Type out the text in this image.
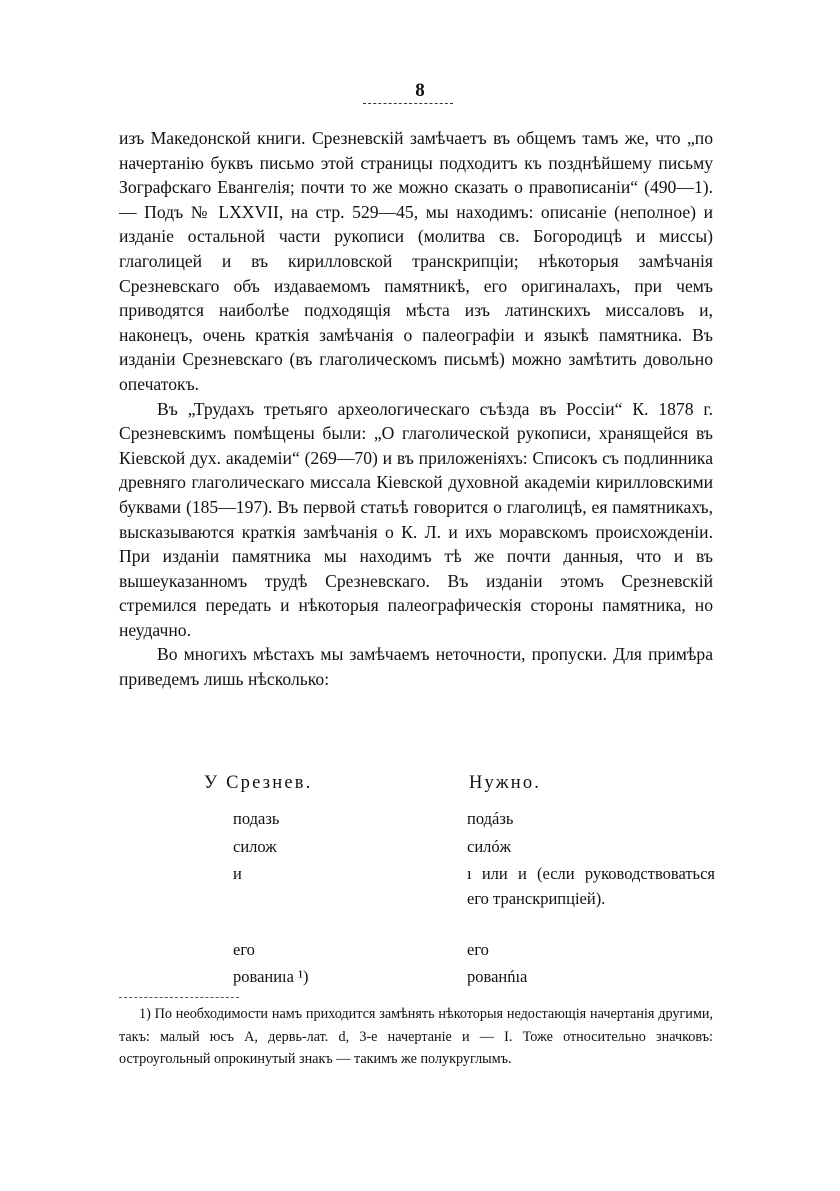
8

изъ Македонской книги. Срезневскій замѣчаетъ въ общемъ тамъ же, что „по начертанію буквъ письмо этой страницы подходитъ къ позднѣйшему письму Зографскаго Евангелія; почти то же можно сказать о правописаніи“ (490—1). — Подъ № LXXVII, на стр. 529—45, мы находимъ: описаніе (неполное) и изданіе остальной части рукописи (молитва св. Богородицѣ и миссы) глаголицей и въ кирилловской транскрипціи; нѣкоторыя замѣчанія Срезневскаго объ издаваемомъ памятникѣ, его оригиналахъ, при чемъ приводятся наиболѣе подходящія мѣста изъ латинскихъ миссаловъ и, наконецъ, очень краткія замѣчанія о палеографіи и языкѣ памятника. Въ изданіи Срезневскаго (въ глаголическомъ письмѣ) можно замѣтить довольно опечатокъ.

Въ „Трудахъ третьяго археологическаго съѣзда въ Россіи“ К. 1878 г. Срезневскимъ помѣщены были: „О глаголической рукописи, хранящейся въ Кіевской дух. академіи“ (269—70) и въ приложеніяхъ: Списокъ съ подлинника древняго глаголическаго миссала Кіевской духовной академіи кирилловскими буквами (185—197). Въ первой статьѣ говорится о глаголицѣ, ея памятникахъ, высказываются краткія замѣчанія о К. Л. и ихъ моравскомъ происхожденіи. При изданіи памятника мы находимъ тѣ же почти данныя, что и въ вышеуказанномъ трудѣ Срезневскаго. Въ изданіи этомъ Срезневскій стремился передать и нѣкоторыя палеографическія стороны памятника, но неудачно.

Во многихъ мѣстахъ мы замѣчаемъ неточности, пропуски. Для примѣра приведемъ лишь нѣсколько:

У Срезнев.	Нужно.
подазь
силож
и
его
рованиıа ¹)
подáзь
силóж
ı или и (если руководствоваться его транскрипціей).
его
рованńıа

1) По необходимости намъ приходится замѣнять нѣкоторыя недостающія начертанія другими, такъ: малый юсъ А, дервь-лат. d, 3-е начертаніе и — I. Тоже относительно значковъ: остроугольный опрокинутый знакъ — такимъ же полукруглымъ.
